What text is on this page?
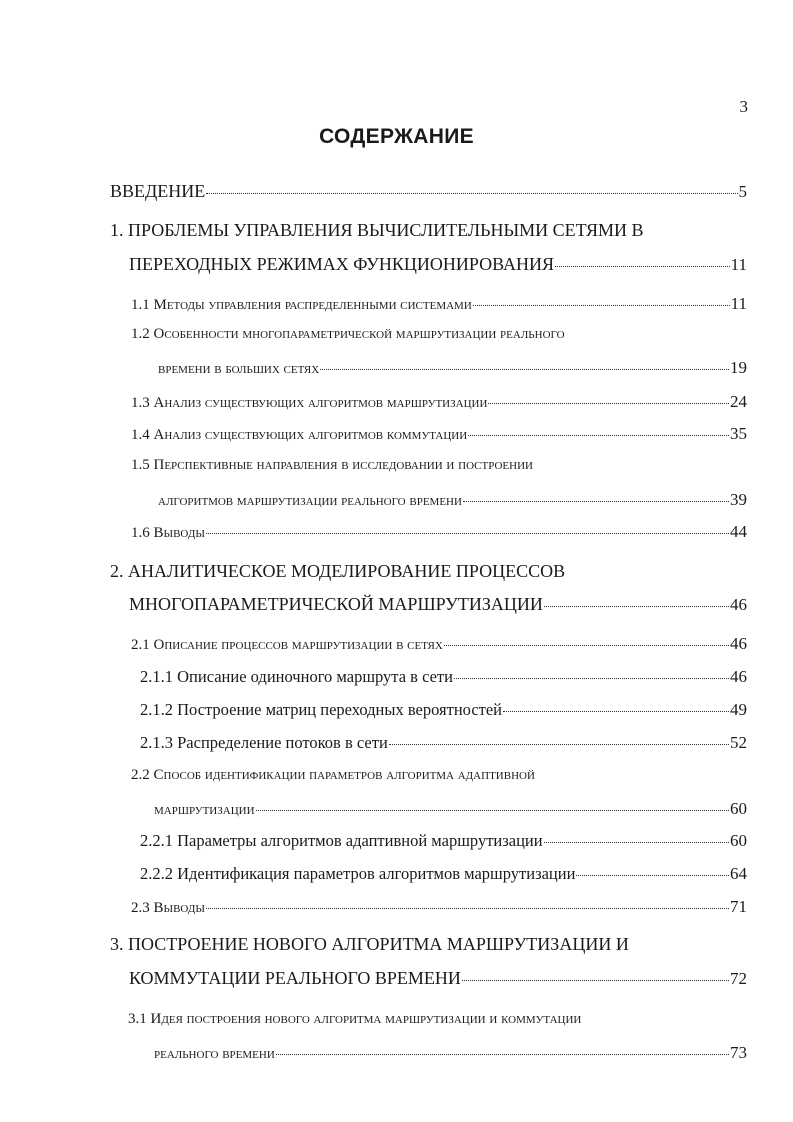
3
СОДЕРЖАНИЕ
ВВЕДЕНИЕ	5
1. ПРОБЛЕМЫ УПРАВЛЕНИЯ ВЫЧИСЛИТЕЛЬНЫМИ СЕТЯМИ В
ПЕРЕХОДНЫХ РЕЖИМАХ ФУНКЦИОНИРОВАНИЯ	11
1.1 Методы управления распределенными системами	11
1.2 Особенности многопараметрической маршрутизации реального
времени в больших сетях	19
1.3 Анализ существующих алгоритмов маршрутизации	24
1.4 Анализ существующих алгоритмов коммутации	35
1.5 Перспективные направления в исследовании и построении
алгоритмов маршрутизации реального времени	39
1.6 Выводы	44
2. АНАЛИТИЧЕСКОЕ МОДЕЛИРОВАНИЕ ПРОЦЕССОВ
МНОГОПАРАМЕТРИЧЕСКОЙ МАРШРУТИЗАЦИИ	46
2.1 Описание процессов маршрутизации в сетях	46
2.1.1 Описание одиночного маршрута в сети	46
2.1.2 Построение матриц переходных вероятностей	49
2.1.3 Распределение потоков в сети	52
2.2 Способ идентификации параметров алгоритма адаптивной
маршрутизации	60
2.2.1 Параметры алгоритмов адаптивной маршрутизации	60
2.2.2 Идентификация параметров алгоритмов маршрутизации	64
2.3 Выводы	71
3. ПОСТРОЕНИЕ НОВОГО АЛГОРИТМА МАРШРУТИЗАЦИИ И
КОММУТАЦИИ РЕАЛЬНОГО ВРЕМЕНИ	72
3.1 Идея построения нового алгоритма маршрутизации и коммутации
реального времени	73
